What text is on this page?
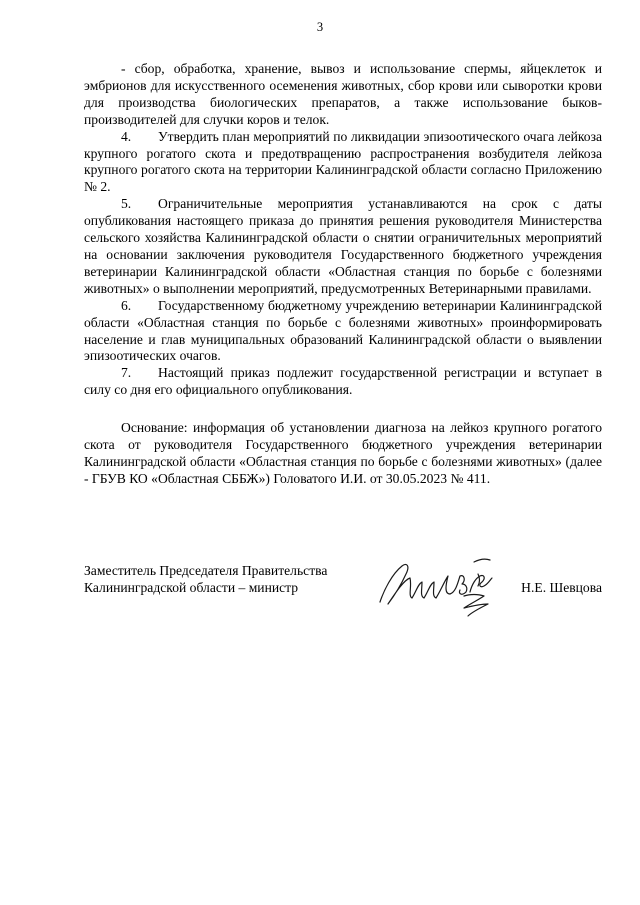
3

- сбор, обработка, хранение, вывоз и использование спермы, яйцеклеток и эмбрионов для искусственного осеменения животных, сбор крови или сыворотки крови для производства биологических препаратов, а также использование быков-производителей для случки коров и телок.

4. Утвердить план мероприятий по ликвидации эпизоотического очага лейкоза крупного рогатого скота и предотвращению распространения возбудителя лейкоза крупного рогатого скота на территории Калининградской области согласно Приложению № 2.

5. Ограничительные мероприятия устанавливаются на срок с даты опубликования настоящего приказа до принятия решения руководителя Министерства сельского хозяйства Калининградской области о снятии ограничительных мероприятий на основании заключения руководителя Государственного бюджетного учреждения ветеринарии Калининградской области «Областная станция по борьбе с болезнями животных» о выполнении мероприятий, предусмотренных Ветеринарными правилами.

6. Государственному бюджетному учреждению ветеринарии Калининградской области «Областная станция по борьбе с болезнями животных» проинформировать население и глав муниципальных образований Калининградской области о выявлении эпизоотических очагов.

7. Настоящий приказ подлежит государственной регистрации и вступает в силу со дня его официального опубликования.

Основание: информация об установлении диагноза на лейкоз крупного рогатого скота от руководителя Государственного бюджетного учреждения ветеринарии Калининградской области «Областная станция по борьбе с болезнями животных» (далее - ГБУВ КО «Областная СББЖ») Головатого И.И. от 30.05.2023 № 411.

Заместитель Председателя Правительства
Калининградской области – министр	Н.Е. Шевцова
